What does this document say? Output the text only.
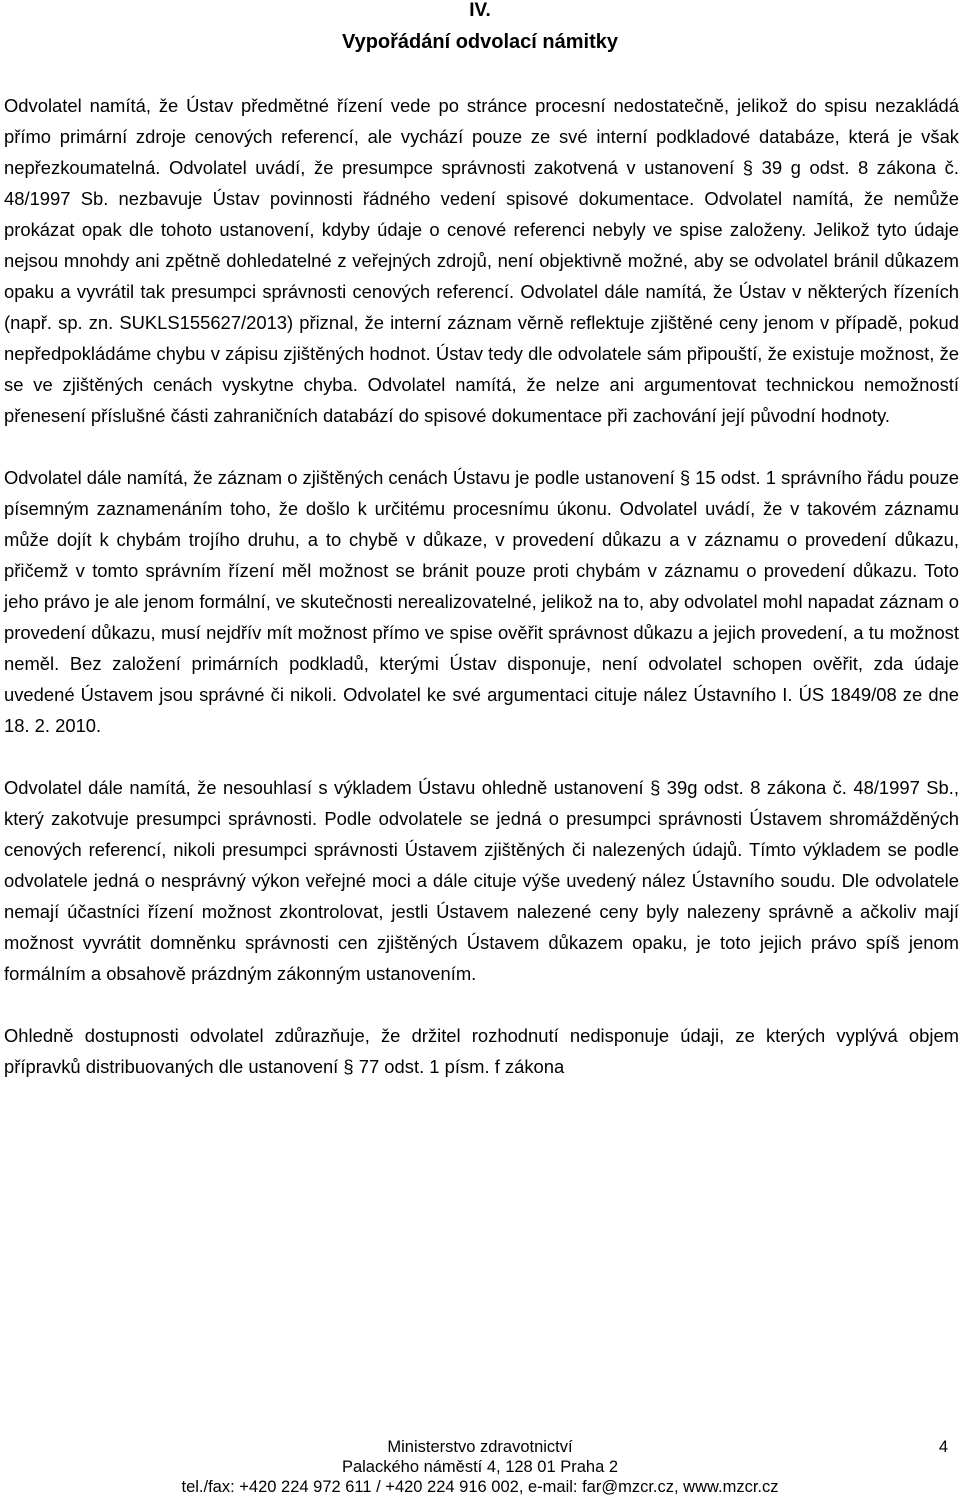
IV.
Vypořádání odvolací námitky

Odvolatel namítá, že Ústav předmětné řízení vede po stránce procesní nedostatečně, jelikož do spisu nezakládá přímo primární zdroje cenových referencí, ale vychází pouze ze své interní podkladové databáze, která je však nepřezkoumatelná. Odvolatel uvádí, že presumpce správnosti zakotvená v ustanovení § 39 g odst. 8 zákona č. 48/1997 Sb. nezbavuje Ústav povinnosti řádného vedení spisové dokumentace. Odvolatel namítá, že nemůže prokázat opak dle tohoto ustanovení, kdyby údaje o cenové referenci nebyly ve spise založeny. Jelikož tyto údaje nejsou mnohdy ani zpětně dohledatelné z veřejných zdrojů, není objektivně možné, aby se odvolatel bránil důkazem opaku a vyvrátil tak presumpci správnosti cenových referencí. Odvolatel dále namítá, že Ústav v některých řízeních (např. sp. zn. SUKLS155627/2013) přiznal, že interní záznam věrně reflektuje zjištěné ceny jenom v případě, pokud nepředpokládáme chybu v zápisu zjištěných hodnot. Ústav tedy dle odvolatele sám připouští, že existuje možnost, že se ve zjištěných cenách vyskytne chyba. Odvolatel namítá, že nelze ani argumentovat technickou nemožností přenesení příslušné části zahraničních databází do spisové dokumentace při zachování její původní hodnoty.

Odvolatel dále namítá, že záznam o zjištěných cenách Ústavu je podle ustanovení § 15 odst. 1 správního řádu pouze písemným zaznamenáním toho, že došlo k určitému procesnímu úkonu. Odvolatel uvádí, že v takovém záznamu může dojít k chybám trojího druhu, a to chybě v důkaze, v provedení důkazu a v záznamu o provedení důkazu, přičemž v tomto správním řízení měl možnost se bránit pouze proti chybám v záznamu o provedení důkazu. Toto jeho právo je ale jenom formální, ve skutečnosti nerealizovatelné, jelikož na to, aby odvolatel mohl napadat záznam o provedení důkazu, musí nejdřív mít možnost přímo ve spise ověřit správnost důkazu a jejich provedení, a tu možnost neměl. Bez založení primárních podkladů, kterými Ústav disponuje, není odvolatel schopen ověřit, zda údaje uvedené Ústavem jsou správné či nikoli. Odvolatel ke své argumentaci cituje nález Ústavního I. ÚS 1849/08 ze dne 18. 2. 2010.

Odvolatel dále namítá, že nesouhlasí s výkladem Ústavu ohledně ustanovení § 39g odst. 8 zákona č. 48/1997 Sb., který zakotvuje presumpci správnosti. Podle odvolatele se jedná o presumpci správnosti Ústavem shromážděných cenových referencí, nikoli presumpci správnosti Ústavem zjištěných či nalezených údajů. Tímto výkladem se podle odvolatele jedná o nesprávný výkon veřejné moci a dále cituje výše uvedený nález Ústavního soudu. Dle odvolatele nemají účastníci řízení možnost zkontrolovat, jestli Ústavem nalezené ceny byly nalezeny správně a ačkoliv mají možnost vyvrátit domněnku správnosti cen zjištěných Ústavem důkazem opaku, je toto jejich právo spíš jenom formálním a obsahově prázdným zákonným ustanovením.

Ohledně dostupnosti odvolatel zdůrazňuje, že držitel rozhodnutí nedisponuje údaji, ze kterých vyplývá objem přípravků distribuovaných dle ustanovení § 77 odst. 1 písm. f zákona

Ministerstvo zdravotnictví
Palackého náměstí 4, 128 01 Praha 2
tel./fax: +420 224 972 611 / +420 224 916 002, e-mail: far@mzcr.cz, www.mzcr.cz
4
